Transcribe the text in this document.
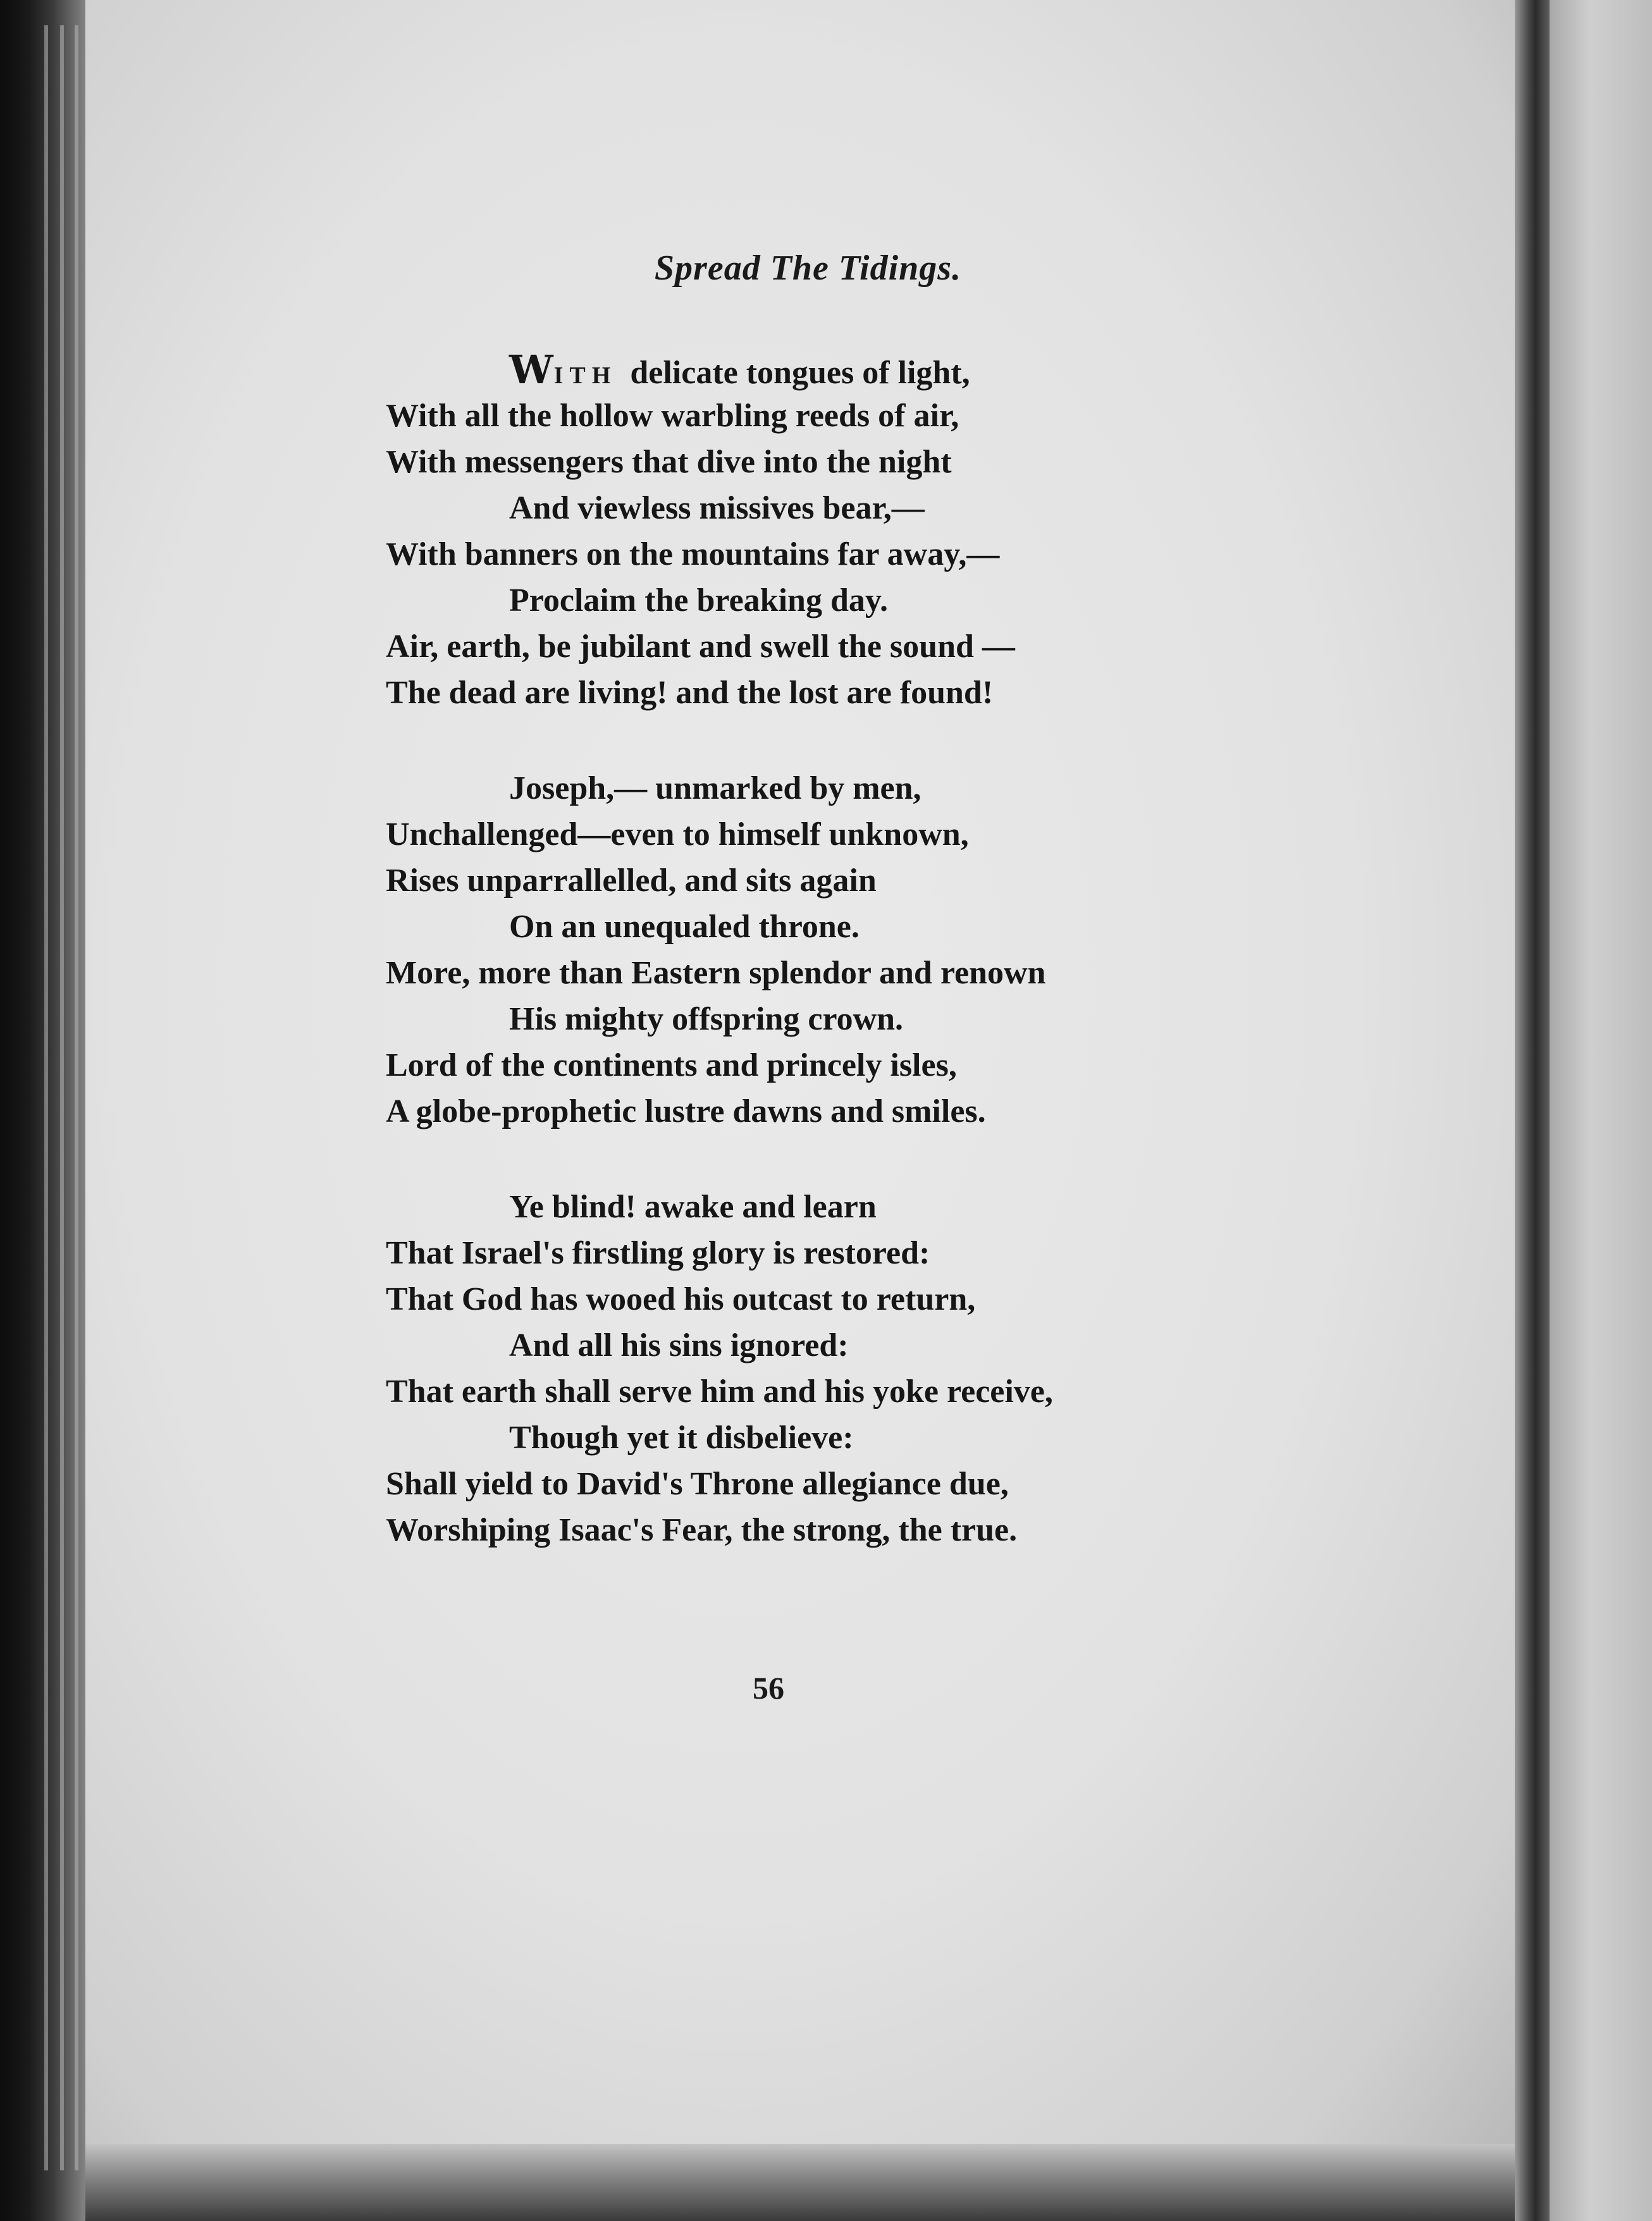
Spread The Tidings.
WITH delicate tongues of light,
With all the hollow warbling reeds of air,
With messengers that dive into the night
And viewless missives bear,—
With banners on the mountains far away,—
Proclaim the breaking day.
Air, earth, be jubilant and swell the sound —
The dead are living! and the lost are found!
Joseph,— unmarked by men,
Unchallenged—even to himself unknown,
Rises unparrallelled, and sits again
On an unequaled throne.
More, more than Eastern splendor and renown
His mighty offspring crown.
Lord of the continents and princely isles,
A globe-prophetic lustre dawns and smiles.
Ye blind! awake and learn
That Israel's firstling glory is restored:
That God has wooed his outcast to return,
And all his sins ignored:
That earth shall serve him and his yoke receive,
Though yet it disbelieve:
Shall yield to David's Throne allegiance due,
Worshiping Isaac's Fear, the strong, the true.
56
